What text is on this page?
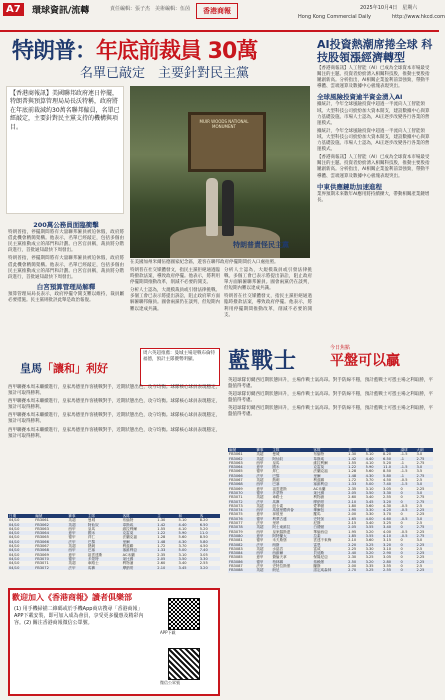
A7	環球資訊/流轉	責任編輯：張子杰　美術編輯：伍茵	香港商報	2025年10月4日　星期六
Hong Kong Commercial Daily	http://www.hkcd.com
特朗普：年底前裁員 30萬
名單已敲定　主要針對民主黨
【香港商報訊】美國聯邦政府連日停擺，特朗普與預算管理局局長沃特稱，政府將在年底前裁減約30萬名聯邦僱員，名單已經敲定，主要針對民主黨支持的機構與項目。
MUIR WOODS NATIONAL MONUMENT
在美國加州米爾伍德國家紀念區，遊客在聯邦政府停擺期間於入口處拍照。
AI投資熱潮席捲全球 科技股領漲經濟轉型
【香港商報訊】人工智能（AI）已成為全球資本市場最受關注的主題。投資者紛紛湧入相關科技股，推動主要股指屢創新高。分析指出，AI相關企業盈利前景強勁，帶動半導體、雲端運算及數據中心板塊表現突出。
全球風險投資逾半資金湧入AI
據統計，今年全球風險投資中超過一半流向人工智能領域。大型科技公司紛紛加大資本開支，建設數據中心與算力基礎設施。市場人士認為，AI正逐步改變各行各業的營運模式。
據統計，今年全球風險投資中超過一半流向人工智能領域。大型科技公司紛紛加大資本開支，建設數據中心與算力基礎設施。市場人士認為，AI正逐步改變各行各業的營運模式。
【香港商報訊】人工智能（AI）已成為全球資本市場最受關注的主題。投資者紛紛湧入相關科技股，推動主要股指屢創新高。分析指出，AI相關企業盈利前景強勁，帶動半導體、雲端運算及數據中心板塊表現突出。
中東供應鏈助加速進程
業界預期未來數年AI應用將持續擴大，帶動相關產業鏈增長。
200萬公務員面臨衝擊
特朗普指，停擺期間將有大量聯邦僱員被迫休假，政府將借此機會精簡架構。他表示，名單已經敲定，包括多個由民主黨推動成立的部門和計劃。白宮官員稱，裁員將分階段進行，首批通知最快下周發出。
特朗普指，停擺期間將有大量聯邦僱員被迫休假，政府將借此機會精簡架構。他表示，名單已經敲定，包括多個由民主黨推動成立的部門和計劃。白宮官員稱，裁員將分階段進行，首批通知最快下周發出。
白宮預算管理局解釋
預算管理局局長表示，政府停擺令開支難以維持，裁員屬必要措施。民主黨則批評此舉是政治報復。
特朗普責怪民主黨
特朗普在社交媒體發文，指民主黨拒絕通過臨時撥款法案，導致政府停擺。他表示，將利用停擺期間推動改革，削減不必要的開支。
分析人士認為，大規模裁員或引發法律挑戰。多個工會已表示將提出訴訟，阻止政府單方面解僱聯邦僱員。國會兩黨仍在談判，但短期內難以達成共識。
分析人士認為，大規模裁員或引發法律挑戰。多個工會已表示將提出訴訟，阻止政府單方面解僱聯邦僱員。國會兩黨仍在談判，但短期內難以達成共識。
特朗普在社交媒體發文，指民主黨拒絕通過臨時撥款法案，導致政府停擺。他表示，將利用停擺期間推動改革，削減不必要的開支。
皇馬「讓和」利好
周六英超推薦：曼城主場迎戰布倫特福德，預計主隊優勢明顯。
西甲聯賽本周末繼續進行，皇家馬德里作客挑戰對手，近期狀態出色，攻守均衡。球隊核心球員表現穩定，預計可取得勝利。
西甲聯賽本周末繼續進行，皇家馬德里作客挑戰對手，近期狀態出色，攻守均衡。球隊核心球員表現穩定，預計可取得勝利。
西甲聯賽本周末繼續進行，皇家馬德里作客挑戰對手，近期狀態出色，攻守均衡。球隊核心球員表現穩定，預計可取得勝利。
西甲聯賽本周末繼續進行，皇家馬德里作客挑戰對手，近期狀態出色，攻守均衡。球隊核心球員表現穩定，預計可取得勝利。
藍戰士
今日焦點
平盤可以贏
英超球隊切爾西近期狀態回升，主場作戰士氣高昂。對手防線不穩，預計藍戰士可憑主場之利取勝，平盤值得考慮。
英超球隊切爾西近期狀態回升，主場作戰士氣高昂。對手防線不穩，預計藍戰士可憑主場之利取勝，平盤值得考慮。
英超球隊切爾西近期狀態回升，主場作戰士氣高昂。對手防線不穩，預計藍戰士可憑主場之利取勝，平盤值得考慮。
日期	編號	賽事	主隊	客隊	主	和	客
04/10	FB3061	英超	曼城	布倫特	1.30	5.10	8.20
04/10	FB3062	英超	阿仙奴	韋斯咸	1.42	4.40	6.50
04/10	FB3063	西甲	皇馬	維拉利爾	1.55	4.10	5.20
04/10	FB3064	意甲	國米	克雷莫	1.22	5.90	11.0
04/10	FB3065	德甲	拜仁	法蘭克福	1.28	5.60	8.50
04/10	FB3066	法甲	巴黎	里爾	1.48	4.30	5.80
04/10	FB3067	英超	熱刺	利茲聯	1.72	3.70	4.50
04/10	FB3068	西甲	巴塞	塞維利亞	1.33	5.00	7.40
04/10	FB3069	意甲	祖雲達斯	AC米蘭	2.35	3.10	3.05
04/10	FB3070	德甲	多蒙特	萊比錫	2.05	3.50	3.30
04/10	FB3071	英超	車路士	利物浦	2.60	3.40	2.55
04/10	FB3072	法甲	馬賽	摩納哥	2.10	3.45	3.20
編號	賽事	主隊	客隊	主	和	客	讓球	大細
FB3061	英超	曼城	布倫特	1.30	5.10	8.20	-1.5	3.0
FB3062	英超	阿仙奴	韋斯咸	1.42	4.40	6.50	-1	2.75
FB3063	西甲	皇馬	維拉利爾	1.55	4.10	5.20	-1	2.75
FB3064	意甲	國米	克雷莫	1.22	5.90	11.0	-1.5	3.0
FB3065	德甲	拜仁	法蘭克福	1.28	5.60	8.50	-1.5	3.5
FB3066	法甲	巴黎	里爾	1.48	4.30	5.80	-1	2.75
FB3067	英超	熱刺	利茲聯	1.72	3.70	4.50	-0.5	2.5
FB3068	西甲	巴塞	塞維利亞	1.33	5.00	7.40	-1.5	3.0
FB3069	意甲	祖雲達斯	AC米蘭	2.35	3.10	3.05	0	2.25
FB3070	德甲	多蒙特	萊比錫	2.05	3.50	3.30	0	3.0
FB3071	英超	車路士	利物浦	2.60	3.40	2.55	0	2.75
FB3072	法甲	馬賽	摩納哥	2.10	3.45	3.20	0	2.75
FB3073	英超	紐卡素	愛華頓	1.80	3.60	4.30	-0.5	2.5
FB3074	西甲	馬德里體育會	畢爾包	1.90	3.30	4.20	-0.5	2.25
FB3075	意甲	拿玻里	羅馬	2.00	3.30	3.70	0	2.25
FB3076	德甲	利華古遜	史特加	1.65	4.00	4.60	-0.5	3.0
FB3077	法甲	里昂	尼斯	2.15	3.40	3.25	0	2.5
FB3078	英超	阿士東維拉	白禮頓	2.05	3.55	3.40	0	2.75
FB3079	西甲	皇家蘇斯達	華倫西亞	1.95	3.20	4.00	-0.5	2.25
FB3080	意甲	阿特蘭大	拉素	1.85	3.55	4.10	-0.5	2.75
FB3081	德甲	禾夫斯堡	雲達不來梅	2.10	3.60	3.15	0	3.0
FB3082	法甲	朗斯	雷恩	2.20	3.25	3.20	0	2.25
FB3083	英超	水晶宮	富咸	2.25	3.30	3.10	0	2.5
FB3084	西甲	西維爾	貝迪斯	2.40	3.20	2.90	0	2.25
FB3085	意甲	費倫天拿	保隆尼亞	2.30	3.25	3.05	0	2.25
FB3086	德甲	柏林聯	弗賴堡	2.50	3.20	2.80	0	2.25
FB3087	法甲	史特拉斯堡	蘭斯	2.00	3.35	3.55	0	2.5
FB3088	英超	般尼	諾定咸森林	2.70	3.25	2.55	0	2.25
歡迎加入《香港商報》讀者俱樂部
(1) 用手機掃描二維碼或於手機App商店搜尋「香港商報」APP下載安裝，即可加入成為會員，享受更多優惠及精彩內容。(2) 關注香港商報微信公眾號。
APP下載
微信公眾號
